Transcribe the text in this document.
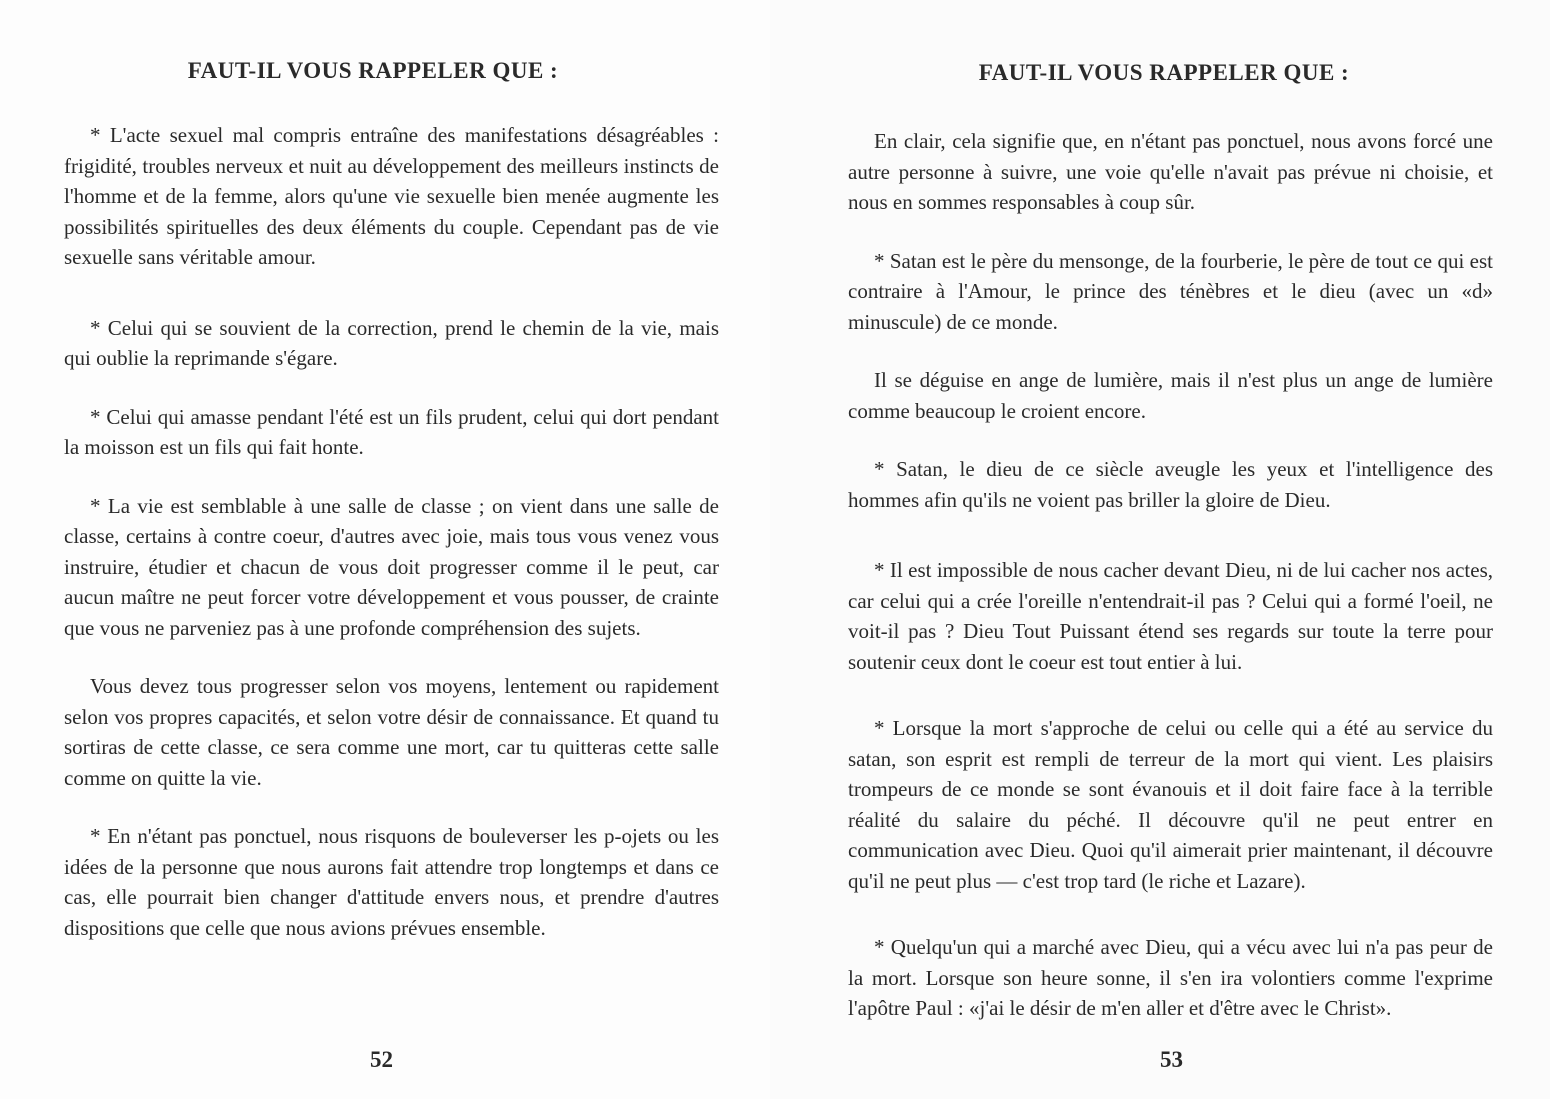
FAUT-IL VOUS RAPPELER QUE :

* L'acte sexuel mal compris entraîne des manifestations désagréables : frigidité, troubles nerveux et nuit au développement des meilleurs instincts de l'homme et de la femme, alors qu'une vie sexuelle bien menée augmente les possibilités spirituelles des deux éléments du couple. Cependant pas de vie sexuelle sans véritable amour.

* Celui qui se souvient de la correction, prend le chemin de la vie, mais qui oublie la reprimande s'égare.

* Celui qui amasse pendant l'été est un fils prudent, celui qui dort pendant la moisson est un fils qui fait honte.

* La vie est semblable à une salle de classe ; on vient dans une salle de classe, certains à contre coeur, d'autres avec joie, mais tous vous venez vous instruire, étudier et chacun de vous doit progresser comme il le peut, car aucun maître ne peut forcer votre développement et vous pousser, de crainte que vous ne parveniez pas à une profonde compréhension des sujets.

Vous devez tous progresser selon vos moyens, lentement ou rapidement selon vos propres capacités, et selon votre désir de connaissance. Et quand tu sortiras de cette classe, ce sera comme une mort, car tu quitteras cette salle comme on quitte la vie.

* En n'étant pas ponctuel, nous risquons de bouleverser les p-ojets ou les idées de la personne que nous aurons fait attendre trop longtemps et dans ce cas, elle pourrait bien changer d'attitude envers nous, et prendre d'autres dispositions que celle que nous avions prévues ensemble.

52
FAUT-IL VOUS RAPPELER QUE :

En clair, cela signifie que, en n'étant pas ponctuel, nous avons forcé une autre personne à suivre, une voie qu'elle n'avait pas prévue ni choisie, et nous en sommes responsables à coup sûr.

* Satan est le père du mensonge, de la fourberie, le père de tout ce qui est contraire à l'Amour, le prince des ténèbres et le dieu (avec un «d» minuscule) de ce monde.

Il se déguise en ange de lumière, mais il n'est plus un ange de lumière comme beaucoup le croient encore.

* Satan, le dieu de ce siècle aveugle les yeux et l'intelligence des hommes afin qu'ils ne voient pas briller la gloire de Dieu.

* Il est impossible de nous cacher devant Dieu, ni de lui cacher nos actes, car celui qui a crée l'oreille n'entendrait-il pas ? Celui qui a formé l'oeil, ne voit-il pas ? Dieu Tout Puissant étend ses regards sur toute la terre pour soutenir ceux dont le coeur est tout entier à lui.

* Lorsque la mort s'approche de celui ou celle qui a été au service du satan, son esprit est rempli de terreur de la mort qui vient. Les plaisirs trompeurs de ce monde se sont évanouis et il doit faire face à la terrible réalité du salaire du péché. Il découvre qu'il ne peut entrer en communication avec Dieu. Quoi qu'il aimerait prier maintenant, il découvre qu'il ne peut plus — c'est trop tard (le riche et Lazare).

* Quelqu'un qui a marché avec Dieu, qui a vécu avec lui n'a pas peur de la mort. Lorsque son heure sonne, il s'en ira volontiers comme l'exprime l'apôtre Paul : «j'ai le désir de m'en aller et d'être avec le Christ».

53
